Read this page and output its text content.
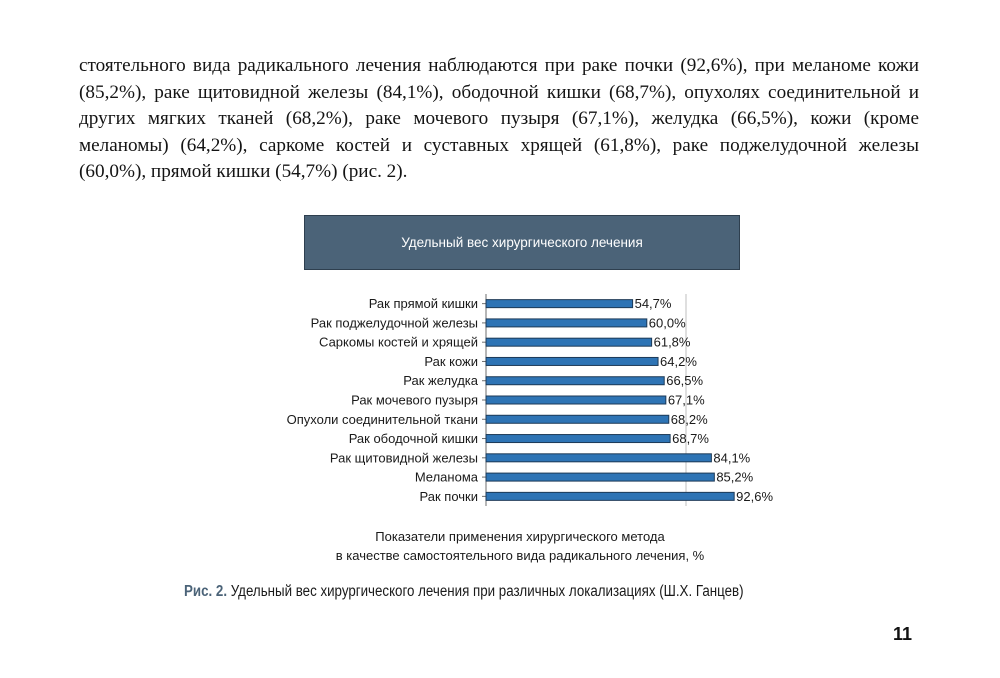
стоятельного вида радикального лечения наблюдаются при раке почки (92,6%), при меланоме кожи (85,2%), раке щитовидной железы (84,1%), ободочной кишки (68,7%), опухолях соединительной и других мягких тканей (68,2%), раке мочевого пузыря (67,1%), желудка (66,5%), кожи (кроме меланомы) (64,2%), саркоме костей и суставных хрящей (61,8%), раке поджелудочной железы (60,0%), прямой кишки (54,7%) (рис. 2).
Удельный вес хирургического лечения
Рак прямой кишки	54,7%
Рак поджелудочной железы	60,0%
Саркомы костей и хрящей	61,8%
Рак кожи	64,2%
Рак желудка	66,5%
Рак мочевого пузыря	67,1%
Опухоли соединительной ткани	68,2%
Рак ободочной кишки	68,7%
Рак щитовидной железы	84,1%
Меланома	85,2%
Рак почки	92,6%
Показатели применения хирургического метода
в качестве самостоятельного вида радикального лечения, %
Рис. 2. Удельный вес хирургического лечения при различных локализациях (Ш.Х. Ганцев)
11
